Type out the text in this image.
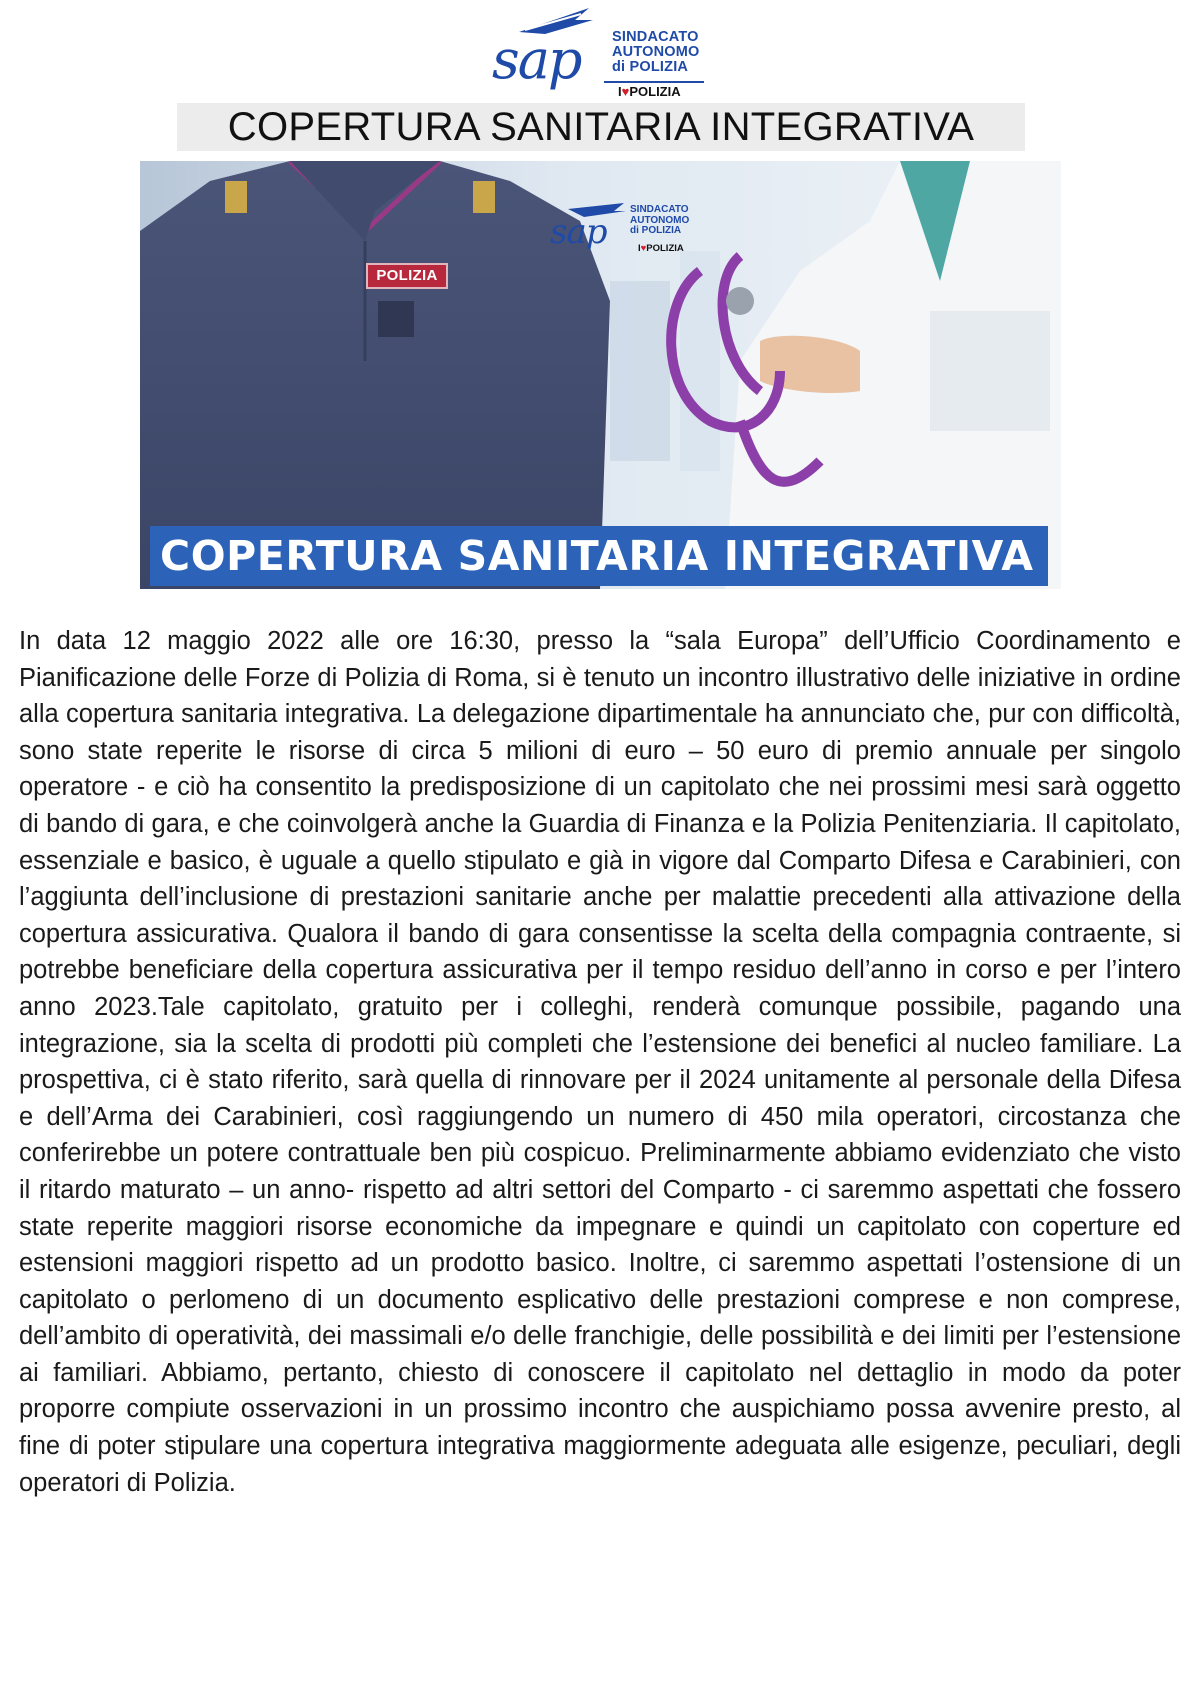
sap SINDACATO
AUTONOMO
di POLIZIA
I♥POLIZIA
COPERTURA SANITARIA INTEGRATIVA
sap
SINDACATO
AUTONOMO
di POLIZIA
I♥POLIZIA
POLIZIA
COPERTURA SANITARIA INTEGRATIVA

In data 12 maggio 2022 alle ore 16:30, presso la “sala Europa” dell’Ufficio Coordinamento e Pianificazione delle Forze di Polizia di Roma, si è tenuto un incontro illustrativo delle iniziative in ordine alla copertura sanitaria integrativa. La delegazione dipartimentale ha annunciato che, pur con difficoltà, sono state reperite le risorse di circa 5 milioni di euro – 50 euro di premio annuale per singolo operatore - e ciò ha consentito la predisposizione di un capitolato che nei prossimi mesi sarà oggetto di bando di gara, e che coinvolgerà anche la Guardia di Finanza e la Polizia Penitenziaria. Il capitolato, essenziale e basico, è uguale a quello stipulato e già in vigore dal Comparto Difesa e Carabinieri, con l’aggiunta dell’inclusione di prestazioni sanitarie anche per malattie precedenti alla attivazione della copertura assicurativa. Qualora il bando di gara consentisse la scelta della compagnia contraente, si potrebbe beneficiare della copertura assicurativa per il tempo residuo dell’anno in corso e per l’intero anno 2023.Tale capitolato, gratuito per i colleghi, renderà comunque possibile, pagando una integrazione, sia la scelta di prodotti più completi che l’estensione dei benefici al nucleo familiare. La prospettiva, ci è stato riferito, sarà quella di rinnovare per il 2024 unitamente al personale della Difesa e dell’Arma dei Carabinieri, così raggiungendo un numero di 450 mila operatori, circostanza che conferirebbe un potere contrattuale ben più cospicuo. Preliminarmente abbiamo evidenziato che visto il ritardo maturato – un anno- rispetto ad altri settori del Comparto - ci saremmo aspettati che fossero state reperite maggiori risorse economiche da impegnare e quindi un capitolato con coperture ed estensioni maggiori rispetto ad un prodotto basico. Inoltre, ci saremmo aspettati l’ostensione di un capitolato o perlomeno di un documento esplicativo delle prestazioni comprese e non comprese, dell’ambito di operatività, dei massimali e/o delle franchigie, delle possibilità e dei limiti per l’estensione ai familiari. Abbiamo, pertanto, chiesto di conoscere il capitolato nel dettaglio in modo da poter proporre compiute osservazioni in un prossimo incontro che auspichiamo possa avvenire presto, al fine di poter stipulare una copertura integrativa maggiormente adeguata alle esigenze, peculiari, degli operatori di Polizia.
